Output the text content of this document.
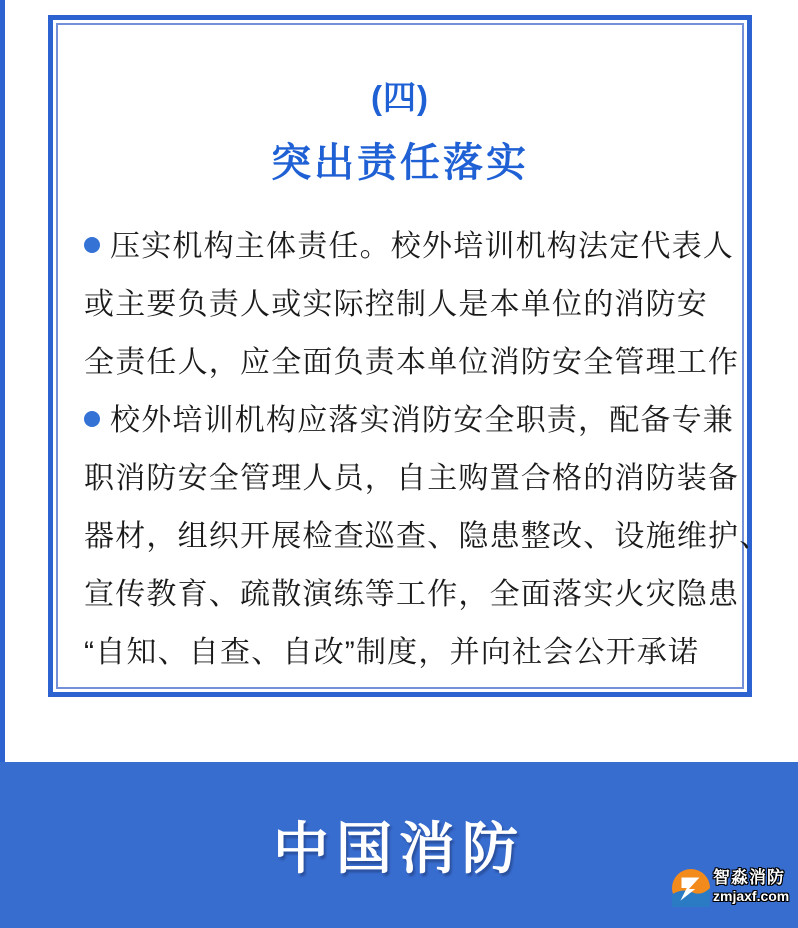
(四)
突出责任落实
压实机构主体责任。校外培训机构法定代表人
或主要负责人或实际控制人是本单位的消防安
全责任人，应全面负责本单位消防安全管理工作
校外培训机构应落实消防安全职责，配备专兼
职消防安全管理人员，自主购置合格的消防装备
器材，组织开展检查巡查、隐患整改、设施维护、
宣传教育、疏散演练等工作，全面落实火灾隐患
“自知、自查、自改”制度，并向社会公开承诺
中国消防	智淼消防
zmjaxf.com
